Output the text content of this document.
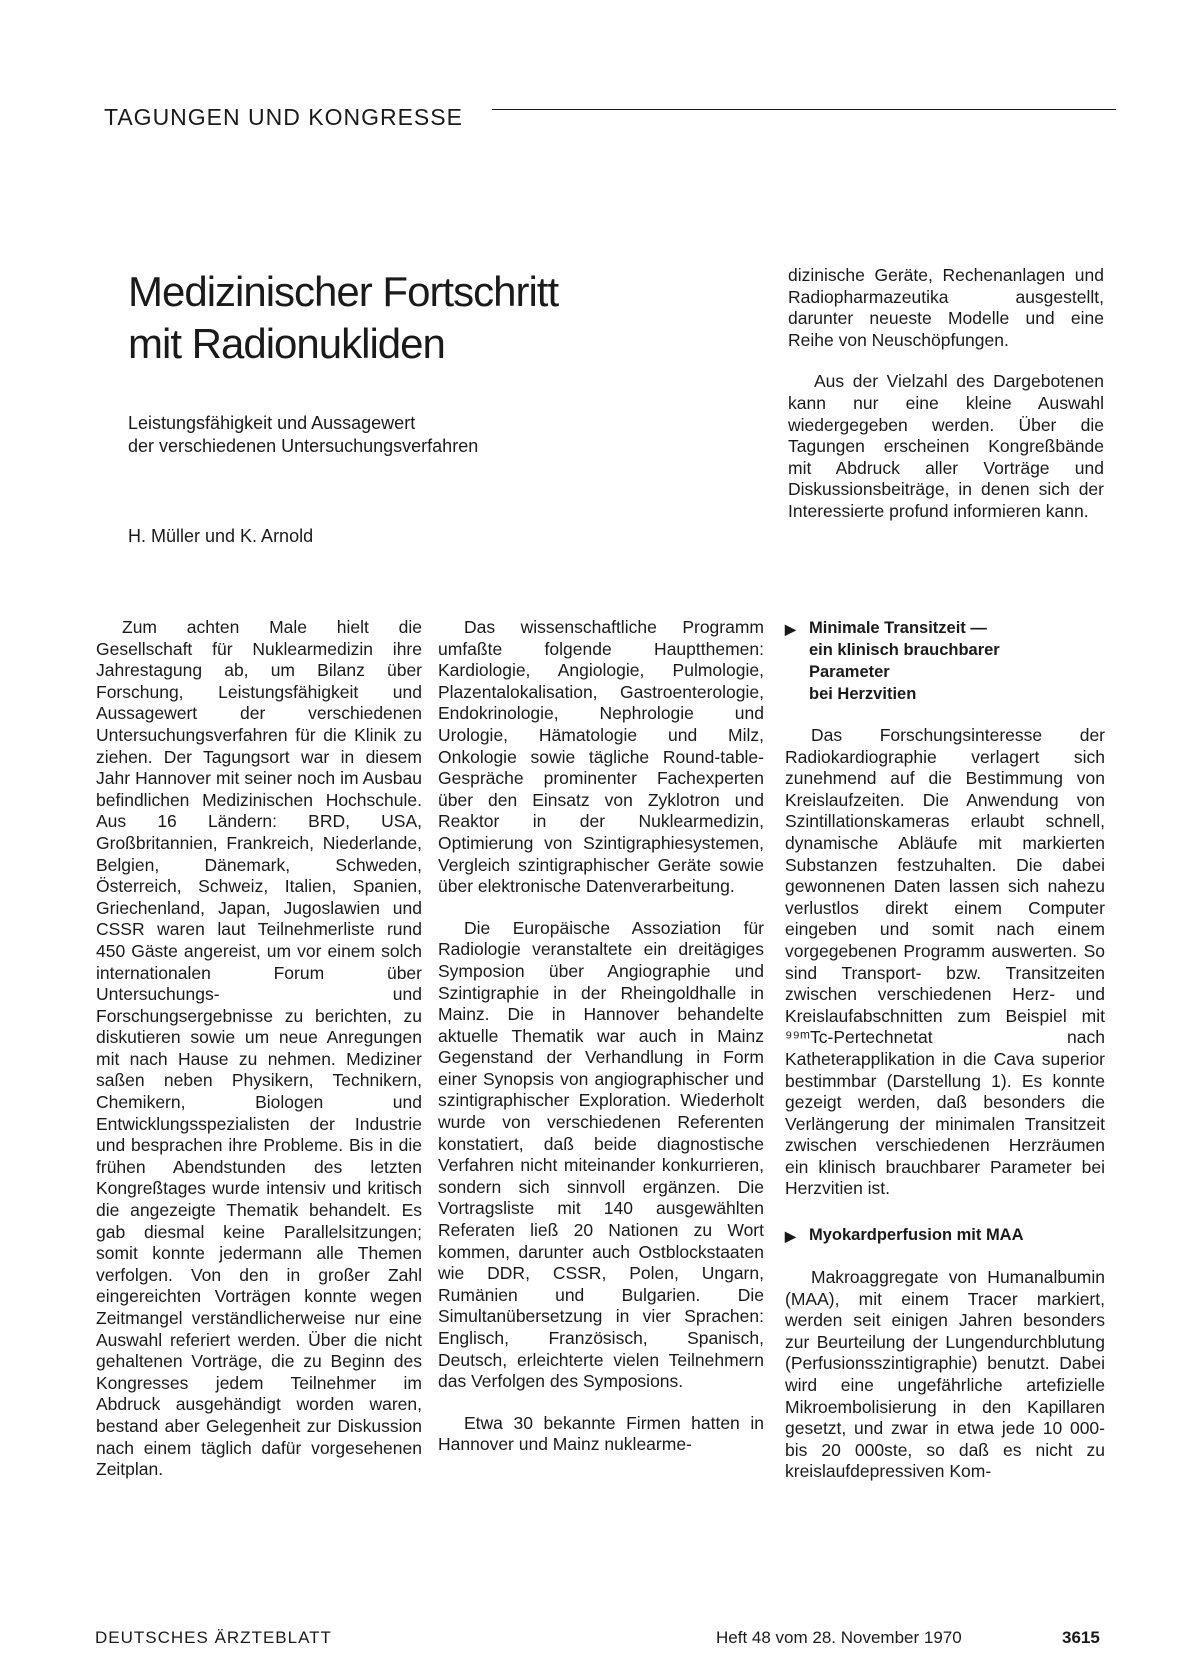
TAGUNGEN UND KONGRESSE
Medizinischer Fortschritt
mit Radionukliden
Leistungsfähigkeit und Aussagewert
der verschiedenen Untersuchungsverfahren
H. Müller und K. Arnold

dizinische Geräte, Rechenanlagen und Radiopharmazeutika ausgestellt, darunter neueste Modelle und eine Reihe von Neuschöpfungen.

Aus der Vielzahl des Dargebotenen kann nur eine kleine Auswahl wiedergegeben werden. Über die Tagungen erscheinen Kongreßbände mit Abdruck aller Vorträge und Diskussionsbeiträge, in denen sich der Interessierte profund informieren kann.

Zum achten Male hielt die Gesellschaft für Nuklearmedizin ihre Jahrestagung ab, um Bilanz über Forschung, Leistungsfähigkeit und Aussagewert der verschiedenen Untersuchungsverfahren für die Klinik zu ziehen. Der Tagungsort war in diesem Jahr Hannover mit seiner noch im Ausbau befindlichen Medizinischen Hochschule. Aus 16 Ländern: BRD, USA, Großbritannien, Frankreich, Niederlande, Belgien, Dänemark, Schweden, Österreich, Schweiz, Italien, Spanien, Griechenland, Japan, Jugoslawien und CSSR waren laut Teilnehmerliste rund 450 Gäste angereist, um vor einem solch internationalen Forum über Untersuchungs- und Forschungsergebnisse zu berichten, zu diskutieren sowie um neue Anregungen mit nach Hause zu nehmen. Mediziner saßen neben Physikern, Technikern, Chemikern, Biologen und Entwicklungsspezialisten der Industrie und besprachen ihre Probleme. Bis in die frühen Abendstunden des letzten Kongreßtages wurde intensiv und kritisch die angezeigte Thematik behandelt. Es gab diesmal keine Parallelsitzungen; somit konnte jedermann alle Themen verfolgen. Von den in großer Zahl eingereichten Vorträgen konnte wegen Zeitmangel verständlicherweise nur eine Auswahl referiert werden. Über die nicht gehaltenen Vorträge, die zu Beginn des Kongresses jedem Teilnehmer im Abdruck ausgehändigt worden waren, bestand aber Gelegenheit zur Diskussion nach einem täglich dafür vorgesehenen Zeitplan.

Das wissenschaftliche Programm umfaßte folgende Hauptthemen: Kardiologie, Angiologie, Pulmologie, Plazentalokalisation, Gastroenterologie, Endokrinologie, Nephrologie und Urologie, Hämatologie und Milz, Onkologie sowie tägliche Round-table-Gespräche prominenter Fachexperten über den Einsatz von Zyklotron und Reaktor in der Nuklearmedizin, Optimierung von Szintigraphiesystemen, Vergleich szintigraphischer Geräte sowie über elektronische Datenverarbeitung.

Die Europäische Assoziation für Radiologie veranstaltete ein dreitägiges Symposion über Angiographie und Szintigraphie in der Rheingoldhalle in Mainz. Die in Hannover behandelte aktuelle Thematik war auch in Mainz Gegenstand der Verhandlung in Form einer Synopsis von angiographischer und szintigraphischer Exploration. Wiederholt wurde von verschiedenen Referenten konstatiert, daß beide diagnostische Verfahren nicht miteinander konkurrieren, sondern sich sinnvoll ergänzen. Die Vortragsliste mit 140 ausgewählten Referaten ließ 20 Nationen zu Wort kommen, darunter auch Ostblockstaaten wie DDR, CSSR, Polen, Ungarn, Rumänien und Bulgarien. Die Simultanübersetzung in vier Sprachen: Englisch, Französisch, Spanisch, Deutsch, erleichterte vielen Teilnehmern das Verfolgen des Symposions.

Etwa 30 bekannte Firmen hatten in Hannover und Mainz nuklearme-

▶ Minimale Transitzeit —
ein klinisch brauchbarer
Parameter
bei Herzvitien

Das Forschungsinteresse der Radiokardiographie verlagert sich zunehmend auf die Bestimmung von Kreislaufzeiten. Die Anwendung von Szintillationskameras erlaubt schnell, dynamische Abläufe mit markierten Substanzen festzuhalten. Die dabei gewonnenen Daten lassen sich nahezu verlustlos direkt einem Computer eingeben und somit nach einem vorgegebenen Programm auswerten. So sind Transport- bzw. Transitzeiten zwischen verschiedenen Herz- und Kreislaufabschnitten zum Beispiel mit ⁹⁹ᵐTc-Pertechnetat nach Katheterapplikation in die Cava superior bestimmbar (Darstellung 1). Es konnte gezeigt werden, daß besonders die Verlängerung der minimalen Transitzeit zwischen verschiedenen Herzräumen ein klinisch brauchbarer Parameter bei Herzvitien ist.

▶ Myokardperfusion mit MAA

Makroaggregate von Humanalbumin (MAA), mit einem Tracer markiert, werden seit einigen Jahren besonders zur Beurteilung der Lungendurchblutung (Perfusionsszintigraphie) benutzt. Dabei wird eine ungefährliche artefizielle Mikroembolisierung in den Kapillaren gesetzt, und zwar in etwa jede 10 000- bis 20 000ste, so daß es nicht zu kreislaufdepressiven Kom-

DEUTSCHES ÄRZTEBLATT	Heft 48 vom 28. November 1970	3615
